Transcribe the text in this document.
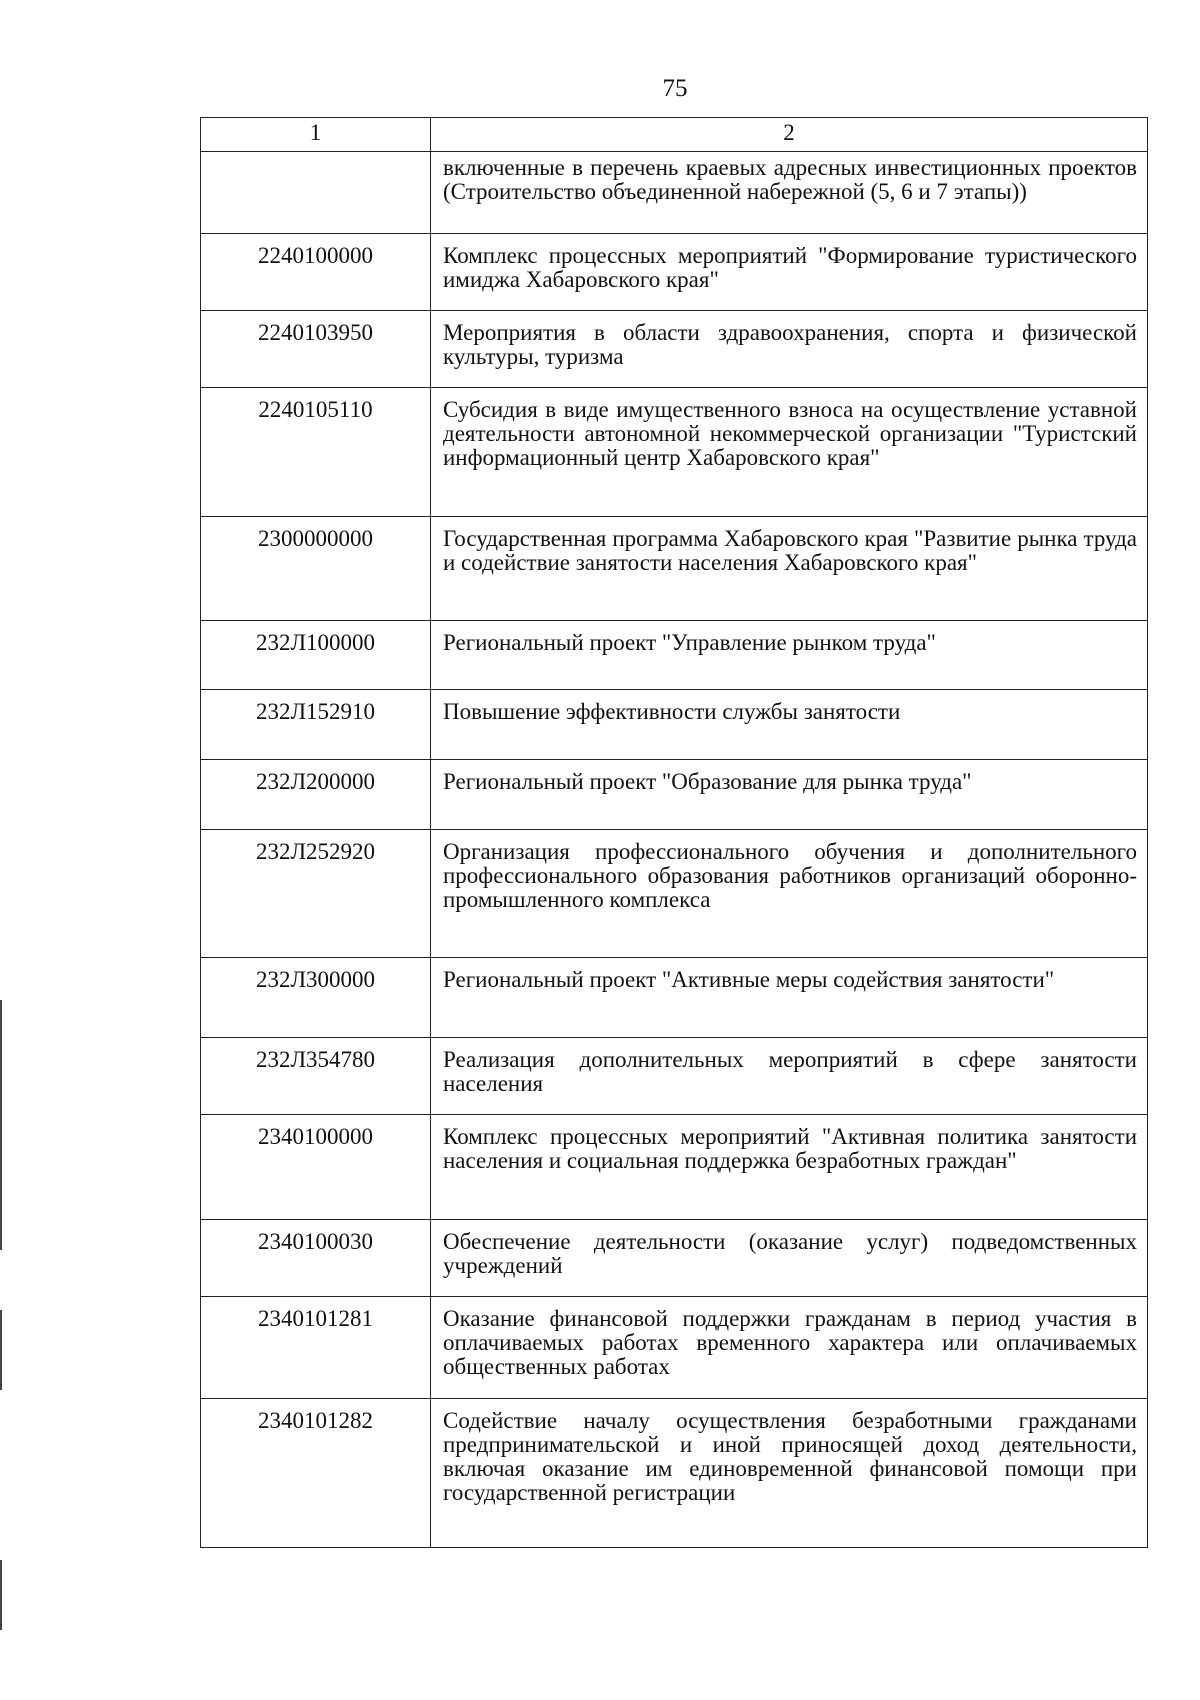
75
1	2
	включенные в перечень краевых адресных инвестиционных проектов (Строительство объединенной набережной (5, 6 и 7 этапы))
2240100000	Комплекс процессных мероприятий "Формирование туристического имиджа Хабаровского края"
2240103950	Мероприятия в области здравоохранения, спорта и физической культуры, туризма
2240105110	Субсидия в виде имущественного взноса на осуществление уставной деятельности автономной некоммерческой организации "Туристский информационный центр Хабаровского края"
2300000000	Государственная программа Хабаровского края "Развитие рынка труда и содействие занятости населения Хабаровского края"
232Л100000	Региональный проект "Управление рынком труда"
232Л152910	Повышение эффективности службы занятости
232Л200000	Региональный проект "Образование для рынка труда"
232Л252920	Организация профессионального обучения и дополнительного профессионального образования работников организаций оборонно-промышленного комплекса
232Л300000	Региональный проект "Активные меры содействия занятости"
232Л354780	Реализация дополнительных мероприятий в сфере занятости населения
2340100000	Комплекс процессных мероприятий "Активная политика занятости населения и социальная поддержка безработных граждан"
2340100030	Обеспечение деятельности (оказание услуг) подведомственных учреждений
2340101281	Оказание финансовой поддержки гражданам в период участия в оплачиваемых работах временного характера или оплачиваемых общественных работах
2340101282	Содействие началу осуществления безработными гражданами предпринимательской и иной приносящей доход деятельности, включая оказание им единовременной финансовой помощи при государственной регистрации
